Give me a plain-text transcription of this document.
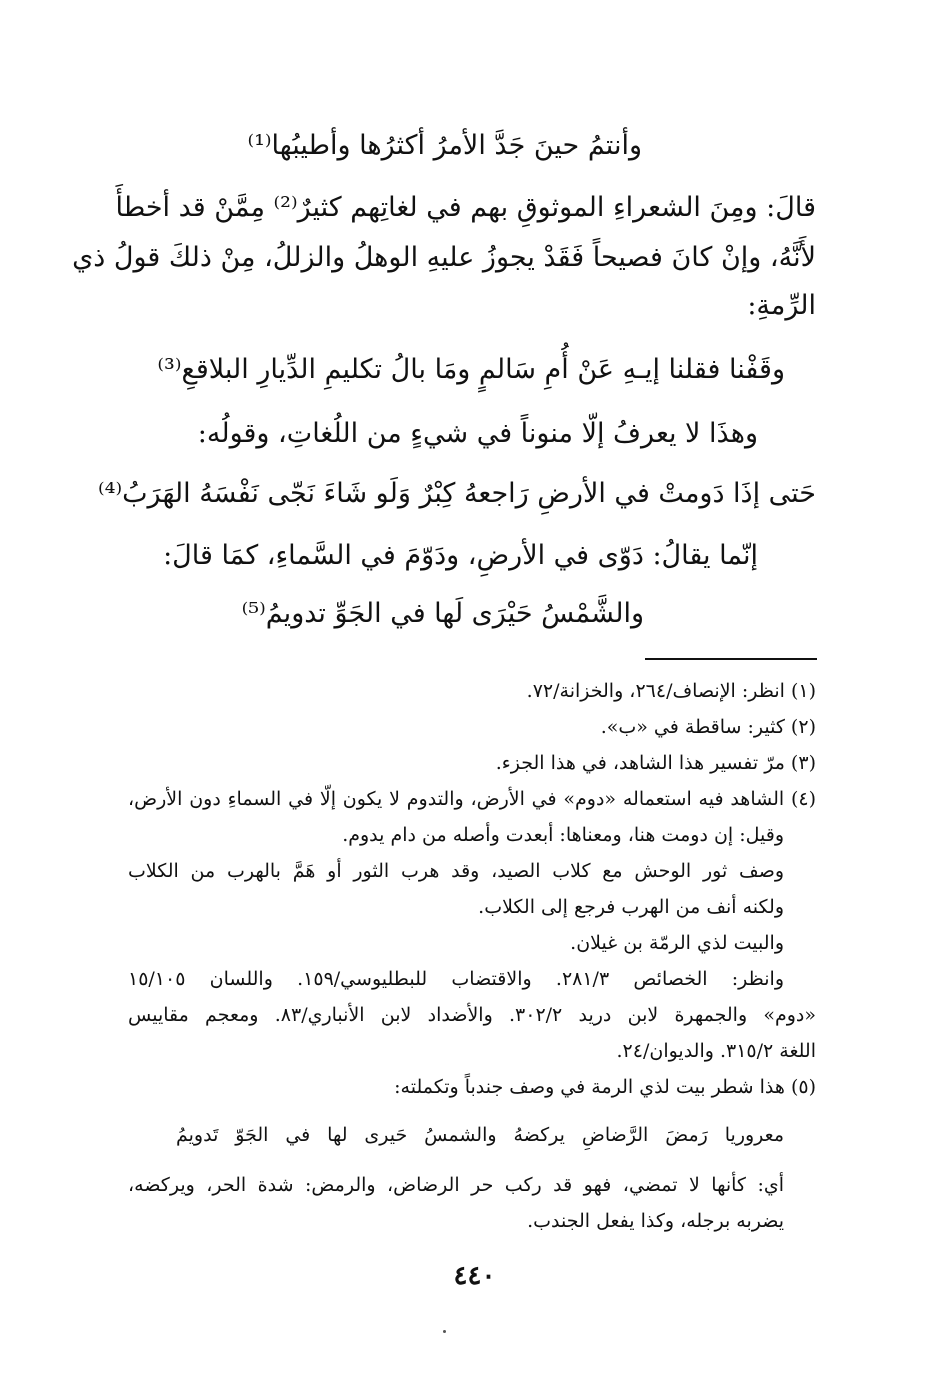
وأنتمُ حينَ جَدَّ الأمرُ أكثرُها وأطيبُها⁽¹⁾
قالَ: ومِنَ الشعراءِ الموثوقِ بهم في لغاتِهم كثيرٌ⁽²⁾ مِمَّنْ قد أخطأَ
لأَنَّهُ، وإنْ كانَ فصيحاً فَقَدْ يجوزُ عليهِ الوهلُ والزللُ، مِنْ ذلكَ قولُ ذي
الرِّمةِ:
وقَفْنا فقلنا إيـهِ عَنْ أُمِ سَالمٍ ومَا بالُ تكليمِ الدِّيارِ البلاقعِ⁽³⁾
وهذَا لا يعرفُ إلّا منوناً في شيءٍ من اللُغاتِ، وقولُه:
حَتى إذَا دَومتْ في الأرضِ رَاجعهُ كِبْرٌ وَلَو شَاءَ نَجّى نَفْسَهُ الهَرَبُ⁽⁴⁾
إنّما يقالُ: دَوّى في الأرضِ، ودَوّمَ في السَّماءِ، كمَا قالَ:
والشَّمْسُ حَيْرَى لَها في الجَوِّ تدويمُ⁽⁵⁾
(١) انظر: الإنصاف/٢٦٤، والخزانة/٧٢.
(٢) كثير: ساقطة في «ب».
(٣) مرّ تفسير هذا الشاهد، في هذا الجزء.
(٤) الشاهد فيه استعماله «دوم» في الأرض، والتدوم لا يكون إلّا في السماءِ دون الأرض،
وقيل: إن دومت هنا، ومعناها: أبعدت وأصله من دام يدوم.
وصف ثور الوحش مع كلاب الصيد، وقد هرب الثور أو هَمَّ بالهرب من الكلاب
ولكنه أنف من الهرب فرجع إلى الكلاب.
والبيت لذي الرمّة بن غيلان.
وانظر: الخصائص ٢٨١/٣. والاقتضاب للبطليوسي/١٥٩. واللسان ١٥/١٠٥
«دوم» والجمهرة لابن دريد ٣٠٢/٢. والأضداد لابن الأنباري/٨٣. ومعجم مقاييس
اللغة ٣١٥/٢. والديوان/٢٤.
(٥) هذا شطر بيت لذي الرمة في وصف جندباً وتكملته:
معروريا رَمضَ الرَّضاضِ يركضهُ والشمسُ حَيرى لها في الجَوّ تَدويمُ
أي: كأنها لا تمضي، فهو قد ركب حر الرضاض، والرمض: شدة الحر، ويركضه،
يضربه برجله، وكذا يفعل الجندب.
٤٤٠
